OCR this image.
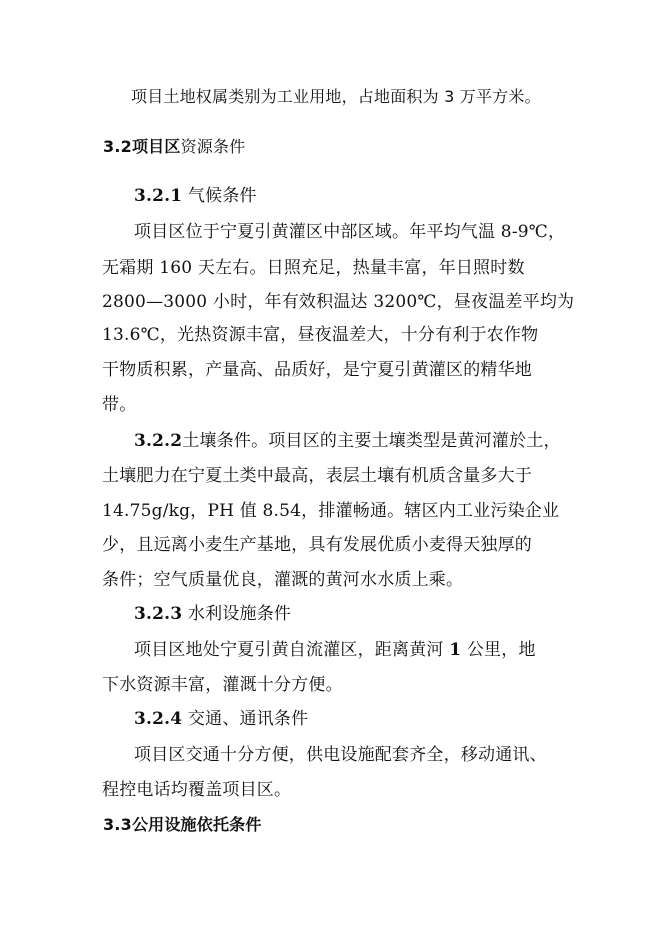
项目土地权属类别为工业用地，占地面积为 3 万平方米。
3.2项目区资源条件
3.2.1 气候条件
项目区位于宁夏引黄灌区中部区域。年平均气温 8-9℃，
无霜期 160 天左右。日照充足，热量丰富，年日照时数
2800—3000 小时，年有效积温达 3200℃，昼夜温差平均为
13.6℃，光热资源丰富，昼夜温差大，十分有利于农作物
干物质积累，产量高、品质好，是宁夏引黄灌区的精华地
带。
3.2.2土壤条件。项目区的主要土壤类型是黄河灌於土，
土壤肥力在宁夏土类中最高，表层土壤有机质含量多大于
14.75g/kg，PH 值 8.54，排灌畅通。辖区内工业污染企业
少，且远离小麦生产基地，具有发展优质小麦得天独厚的
条件；空气质量优良，灌溉的黄河水水质上乘。
3.2.3 水利设施条件
项目区地处宁夏引黄自流灌区，距离黄河 1 公里，地
下水资源丰富，灌溉十分方便。
3.2.4 交通、通讯条件
项目区交通十分方便，供电设施配套齐全，移动通讯、
程控电话均覆盖项目区。
3.3公用设施依托条件
